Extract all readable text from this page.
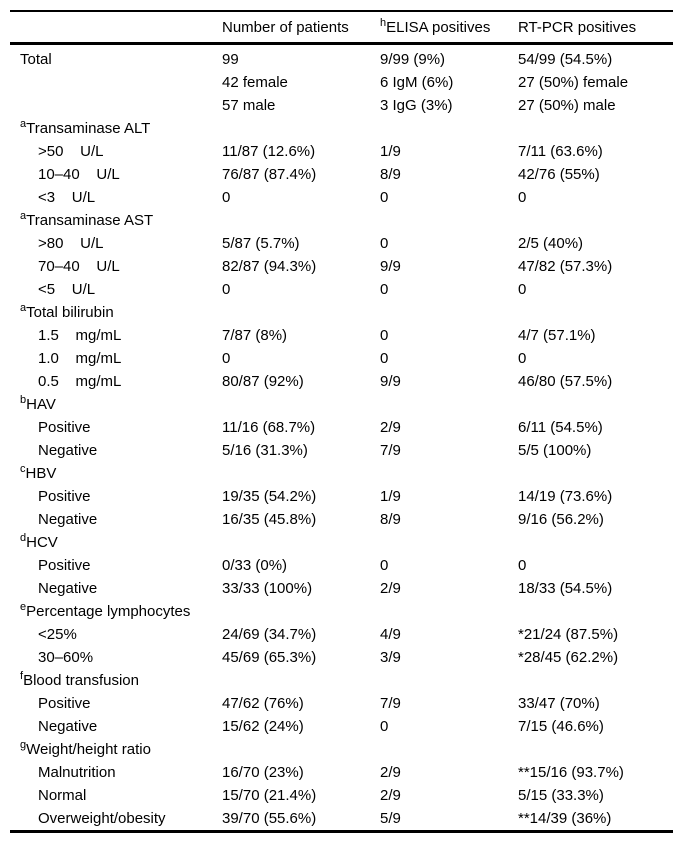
	Number of patients	$^h$ELISA positives	RT-PCR positives
Total	99	9/99 (9%)	54/99 (54.5%)
	42 female	6 IgM (6%)	27 (50%) female
	57 male	3 IgG (3%)	27 (50%) male
$^a$Transaminase ALT			
>50    U/L	11/87 (12.6%)	1/9	7/11 (63.6%)
10–40    U/L	76/87 (87.4%)	8/9	42/76 (55%)
<3    U/L	0	0	0
$^a$Transaminase AST			
>80    U/L	5/87 (5.7%)	0	2/5 (40%)
70–40    U/L	82/87 (94.3%)	9/9	47/82 (57.3%)
<5    U/L	0	0	0
$^a$Total bilirubin			
1.5    mg/mL	7/87 (8%)	0	4/7 (57.1%)
1.0    mg/mL	0	0	0
0.5    mg/mL	80/87 (92%)	9/9	46/80 (57.5%)
$^b$HAV			
Positive	11/16 (68.7%)	2/9	6/11 (54.5%)
Negative	5/16 (31.3%)	7/9	5/5 (100%)
$^c$HBV			
Positive	19/35 (54.2%)	1/9	14/19 (73.6%)
Negative	16/35 (45.8%)	8/9	9/16 (56.2%)
$^d$HCV			
Positive	0/33 (0%)	0	0
Negative	33/33 (100%)	2/9	18/33 (54.5%)
$^e$Percentage lymphocytes			
<25%	24/69 (34.7%)	4/9	*21/24 (87.5%)
30–60%	45/69 (65.3%)	3/9	*28/45 (62.2%)
$^f$Blood transfusion			
Positive	47/62 (76%)	7/9	33/47 (70%)
Negative	15/62 (24%)	0	7/15 (46.6%)
$^g$Weight/height ratio			
Malnutrition	16/70 (23%)	2/9	**15/16 (93.7%)
Normal	15/70 (21.4%)	2/9	5/15 (33.3%)
Overweight/obesity	39/70 (55.6%)	5/9	**14/39 (36%)
